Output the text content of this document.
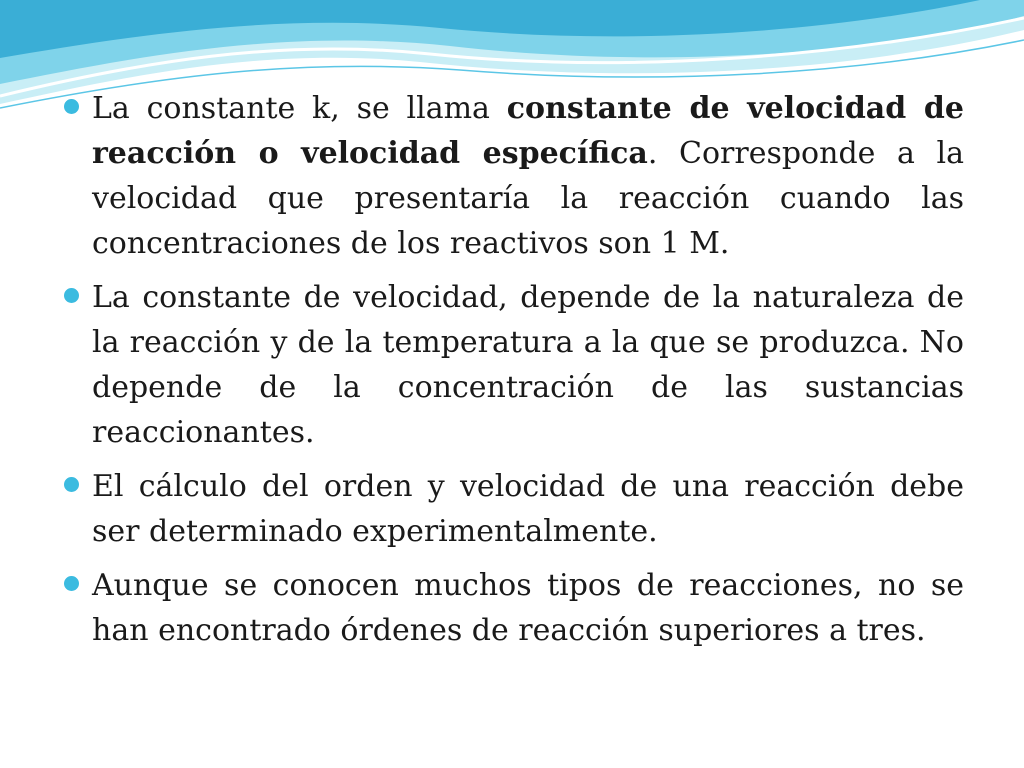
La constante k, se llama constante de velocidad de reacción o velocidad específica. Corresponde a la velocidad que presentaría la reacción cuando las concentraciones de los reactivos son 1 M.
La constante de velocidad, depende de la naturaleza de la reacción y de la temperatura a la que se produzca. No depende de la concentración de las sustancias reaccionantes.
El cálculo del orden y velocidad de una reacción debe ser determinado experimentalmente.
Aunque se conocen muchos tipos de reacciones, no se han encontrado órdenes de reacción superiores a tres.
